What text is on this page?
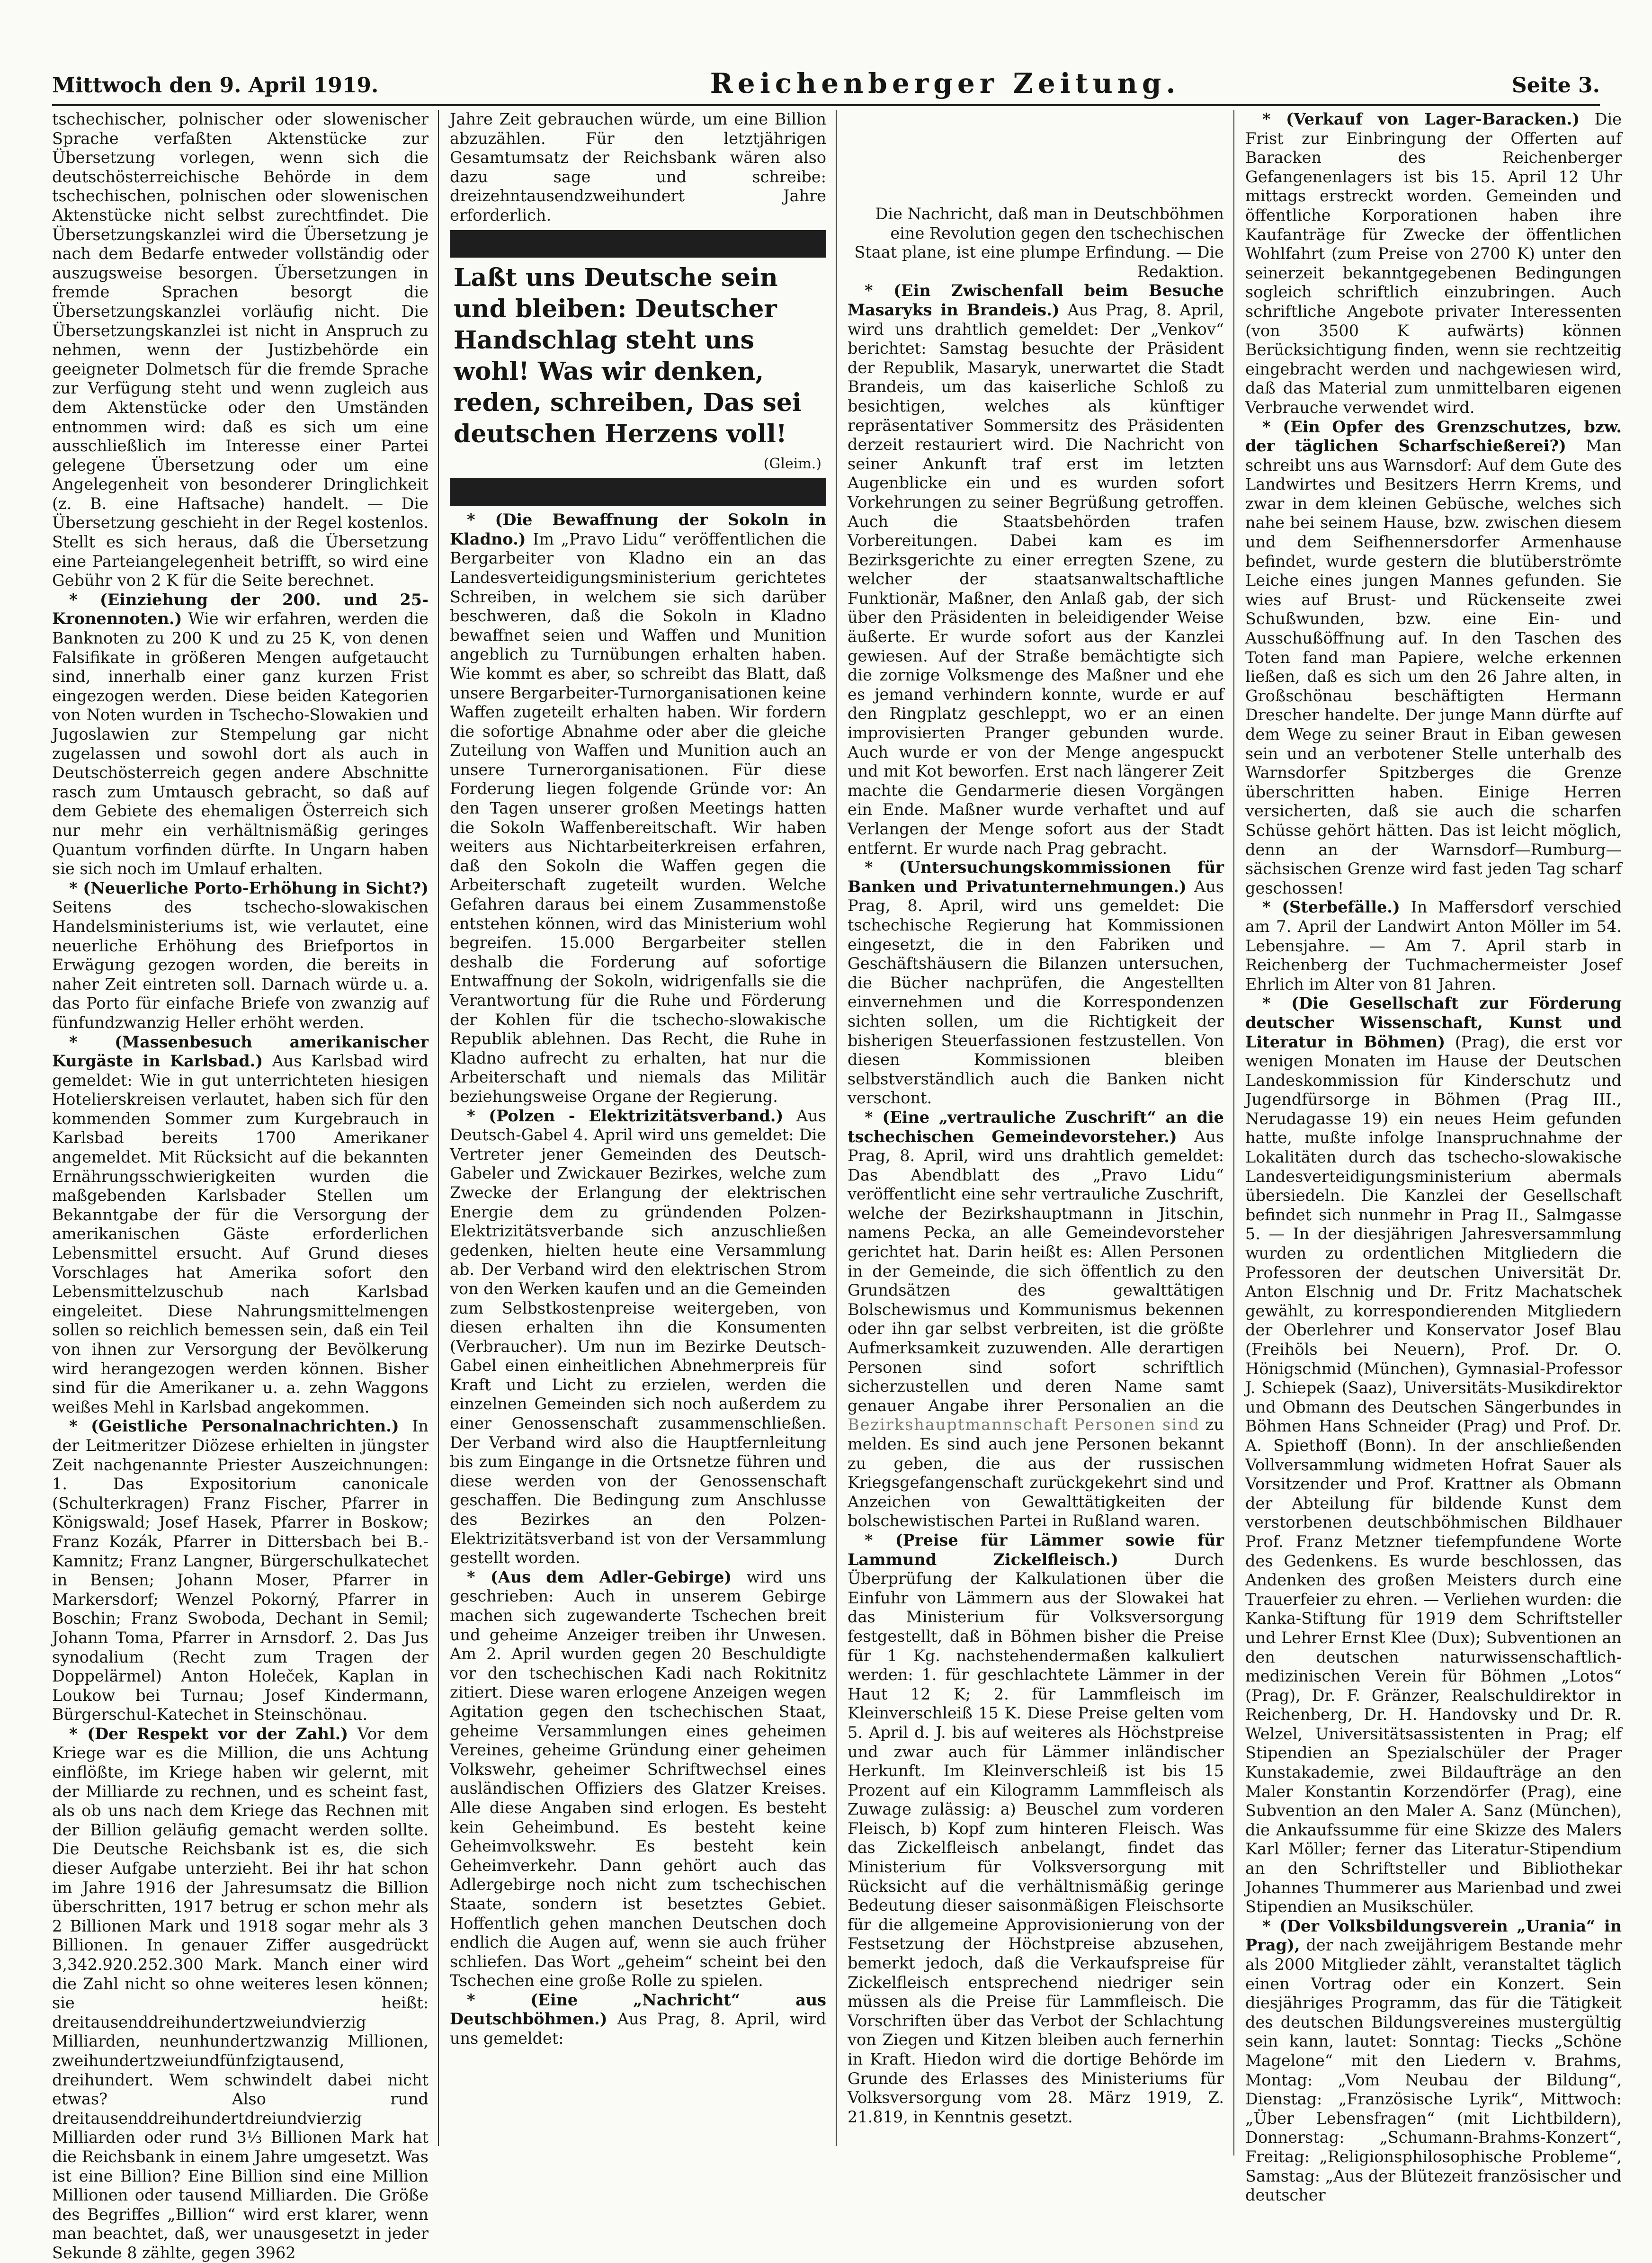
Mittwoch den 9. April 1919.	Reichenberger Zeitung.	Seite 3.

tschechischer, polnischer oder slowenischer Sprache verfaßten Aktenstücke zur Übersetzung vorlegen, wenn sich die deutschösterreichische Behörde in dem tschechischen, polnischen oder slowenischen Aktenstücke nicht selbst zurechtfindet. Die Übersetzungskanzlei wird die Übersetzung je nach dem Bedarfe entweder vollständig oder auszugsweise besorgen. Übersetzungen in fremde Sprachen besorgt die Übersetzungskanzlei vorläufig nicht. Die Übersetzungskanzlei ist nicht in Anspruch zu nehmen, wenn der Justizbehörde ein geeigneter Dolmetsch für die fremde Sprache zur Verfügung steht und wenn zugleich aus dem Aktenstücke oder den Umständen entnommen wird: daß es sich um eine ausschließlich im Interesse einer Partei gelegene Übersetzung oder um eine Angelegenheit von besonderer Dringlichkeit (z. B. eine Haftsache) handelt. — Die Übersetzung geschieht in der Regel kostenlos. Stellt es sich heraus, daß die Übersetzung eine Parteiangelegenheit betrifft, so wird eine Gebühr von 2 K für die Seite berechnet.

* (Einziehung der 200. und 25-Kronennoten.) Wie wir erfahren, werden die Banknoten zu 200 K und zu 25 K, von denen Falsifikate in größeren Mengen aufgetaucht sind, innerhalb einer ganz kurzen Frist eingezogen werden. Diese beiden Kategorien von Noten wurden in Tschecho-Slowakien und Jugoslawien zur Stempelung gar nicht zugelassen und sowohl dort als auch in Deutschösterreich gegen andere Abschnitte rasch zum Umtausch gebracht, so daß auf dem Gebiete des ehemaligen Österreich sich nur mehr ein verhältnismäßig geringes Quantum vorfinden dürfte. In Ungarn haben sie sich noch im Umlauf erhalten.

* (Neuerliche Porto-Erhöhung in Sicht?) Seitens des tschecho-slowakischen Handelsministeriums ist, wie verlautet, eine neuerliche Erhöhung des Briefportos in Erwägung gezogen worden, die bereits in naher Zeit eintreten soll. Darnach würde u. a. das Porto für einfache Briefe von zwanzig auf fünfundzwanzig Heller erhöht werden.

* (Massenbesuch amerikanischer Kurgäste in Karlsbad.) Aus Karlsbad wird gemeldet: Wie in gut unterrichteten hiesigen Hotelierskreisen verlautet, haben sich für den kommenden Sommer zum Kurgebrauch in Karlsbad bereits 1700 Amerikaner angemeldet. Mit Rücksicht auf die bekannten Ernährungsschwierigkeiten wurden die maßgebenden Karlsbader Stellen um Bekanntgabe der für die Versorgung der amerikanischen Gäste erforderlichen Lebensmittel ersucht. Auf Grund dieses Vorschlages hat Amerika sofort den Lebensmittelzuschub nach Karlsbad eingeleitet. Diese Nahrungsmittelmengen sollen so reichlich bemessen sein, daß ein Teil von ihnen zur Versorgung der Bevölkerung wird herangezogen werden können. Bisher sind für die Amerikaner u. a. zehn Waggons weißes Mehl in Karlsbad angekommen.

* (Geistliche Personalnachrichten.) In der Leitmeritzer Diözese erhielten in jüngster Zeit nachgenannte Priester Auszeichnungen: 1. Das Expositorium canonicale (Schulterkragen) Franz Fischer, Pfarrer in Königswald; Josef Hasek, Pfarrer in Boskow; Franz Kozák, Pfarrer in Dittersbach bei B.-Kamnitz; Franz Langner, Bürgerschulkatechet in Bensen; Johann Moser, Pfarrer in Markersdorf; Wenzel Pokorný, Pfarrer in Boschin; Franz Swoboda, Dechant in Semil; Johann Toma, Pfarrer in Arnsdorf. 2. Das Jus synodalium (Recht zum Tragen der Doppelärmel) Anton Holeček, Kaplan in Loukow bei Turnau; Josef Kindermann, Bürgerschul-Katechet in Steinschönau.

* (Der Respekt vor der Zahl.) Vor dem Kriege war es die Million, die uns Achtung einflößte, im Kriege haben wir gelernt, mit der Milliarde zu rechnen, und es scheint fast, als ob uns nach dem Kriege das Rechnen mit der Billion geläufig gemacht werden sollte. Die Deutsche Reichsbank ist es, die sich dieser Aufgabe unterzieht. Bei ihr hat schon im Jahre 1916 der Jahresumsatz die Billion überschritten, 1917 betrug er schon mehr als 2 Billionen Mark und 1918 sogar mehr als 3 Billionen. In genauer Ziffer ausgedrückt 3,342.920.252.300 Mark. Manch einer wird die Zahl nicht so ohne weiteres lesen können; sie heißt: dreitausenddreihundertzweiundvierzig Milliarden, neunhundertzwanzig Millionen, zweihundertzweiundfünfzigtausend, dreihundert. Wem schwindelt dabei nicht etwas? Also rund dreitausenddreihundertdreiundvierzig Milliarden oder rund 3⅓ Billionen Mark hat die Reichsbank in einem Jahre umgesetzt. Was ist eine Billion? Eine Billion sind eine Million Millionen oder tausend Milliarden. Die Größe des Begriffes „Billion“ wird erst klarer, wenn man beachtet, daß, wer unausgesetzt in jeder Sekunde 8 zählte, gegen 3962

Jahre Zeit gebrauchen würde, um eine Billion abzuzählen. Für den letztjährigen Gesamtumsatz der Reichsbank wären also dazu sage und schreibe: dreizehntausendzweihundert Jahre erforderlich.

Laßt uns Deutsche sein und bleiben: Deutscher Handschlag steht uns wohl! Was wir denken, reden, schreiben, Das sei deutschen Herzens voll!
(Gleim.)

* (Die Bewaffnung der Sokoln in Kladno.) Im „Pravo Lidu“ veröffentlichen die Bergarbeiter von Kladno ein an das Landesverteidigungsministerium gerichtetes Schreiben, in welchem sie sich darüber beschweren, daß die Sokoln in Kladno bewaffnet seien und Waffen und Munition angeblich zu Turnübungen erhalten haben. Wie kommt es aber, so schreibt das Blatt, daß unsere Bergarbeiter-Turnorganisationen keine Waffen zugeteilt erhalten haben. Wir fordern die sofortige Abnahme oder aber die gleiche Zuteilung von Waffen und Munition auch an unsere Turnerorganisationen. Für diese Forderung liegen folgende Gründe vor: An den Tagen unserer großen Meetings hatten die Sokoln Waffenbereitschaft. Wir haben weiters aus Nichtarbeiterkreisen erfahren, daß den Sokoln die Waffen gegen die Arbeiterschaft zugeteilt wurden. Welche Gefahren daraus bei einem Zusammenstoße entstehen können, wird das Ministerium wohl begreifen. 15.000 Bergarbeiter stellen deshalb die Forderung auf sofortige Entwaffnung der Sokoln, widrigenfalls sie die Verantwortung für die Ruhe und Förderung der Kohlen für die tschecho-slowakische Republik ablehnen. Das Recht, die Ruhe in Kladno aufrecht zu erhalten, hat nur die Arbeiterschaft und niemals das Militär beziehungsweise Organe der Regierung.

* (Polzen - Elektrizitätsverband.) Aus Deutsch-Gabel 4. April wird uns gemeldet: Die Vertreter jener Gemeinden des Deutsch-Gabeler und Zwickauer Bezirkes, welche zum Zwecke der Erlangung der elektrischen Energie dem zu gründenden Polzen-Elektrizitätsverbande sich anzuschließen gedenken, hielten heute eine Versammlung ab. Der Verband wird den elektrischen Strom von den Werken kaufen und an die Gemeinden zum Selbstkostenpreise weitergeben, von diesen erhalten ihn die Konsumenten (Verbraucher). Um nun im Bezirke Deutsch-Gabel einen einheitlichen Abnehmerpreis für Kraft und Licht zu erzielen, werden die einzelnen Gemeinden sich noch außerdem zu einer Genossenschaft zusammenschließen. Der Verband wird also die Hauptfernleitung bis zum Eingange in die Ortsnetze führen und diese werden von der Genossenschaft geschaffen. Die Bedingung zum Anschlusse des Bezirkes an den Polzen-Elektrizitätsverband ist von der Versammlung gestellt worden.

* (Aus dem Adler-Gebirge) wird uns geschrieben: Auch in unserem Gebirge machen sich zugewanderte Tschechen breit und geheime Anzeiger treiben ihr Unwesen. Am 2. April wurden gegen 20 Beschuldigte vor den tschechischen Kadi nach Rokitnitz zitiert. Diese waren erlogene Anzeigen wegen Agitation gegen den tschechischen Staat, geheime Versammlungen eines geheimen Vereines, geheime Gründung einer geheimen Volkswehr, geheimer Schriftwechsel eines ausländischen Offiziers des Glatzer Kreises. Alle diese Angaben sind erlogen. Es besteht kein Geheimbund. Es besteht keine Geheimvolkswehr. Es besteht kein Geheimverkehr. Dann gehört auch das Adlergebirge noch nicht zum tschechischen Staate, sondern ist besetztes Gebiet. Hoffentlich gehen manchen Deutschen doch endlich die Augen auf, wenn sie auch früher schliefen. Das Wort „geheim“ scheint bei den Tschechen eine große Rolle zu spielen.

* (Eine „Nachricht“ aus Deutschböhmen.) Aus Prag, 8. April, wird uns gemeldet:

Die Nachricht, daß man in Deutschböhmen eine Revolution gegen den tschechischen Staat plane, ist eine plumpe Erfindung. — Die Redaktion.

* (Ein Zwischenfall beim Besuche Masaryks in Brandeis.) Aus Prag, 8. April, wird uns drahtlich gemeldet: Der „Venkov“ berichtet: Samstag besuchte der Präsident der Republik, Masaryk, unerwartet die Stadt Brandeis, um das kaiserliche Schloß zu besichtigen, welches als künftiger repräsentativer Sommersitz des Präsidenten derzeit restauriert wird. Die Nachricht von seiner Ankunft traf erst im letzten Augenblicke ein und es wurden sofort Vorkehrungen zu seiner Begrüßung getroffen. Auch die Staatsbehörden trafen Vorbereitungen. Dabei kam es im Bezirksgerichte zu einer erregten Szene, zu welcher der staatsanwaltschaftliche Funktionär, Maßner, den Anlaß gab, der sich über den Präsidenten in beleidigender Weise äußerte. Er wurde sofort aus der Kanzlei gewiesen. Auf der Straße bemächtigte sich die zornige Volksmenge des Maßner und ehe es jemand verhindern konnte, wurde er auf den Ringplatz geschleppt, wo er an einen improvisierten Pranger gebunden wurde. Auch wurde er von der Menge angespuckt und mit Kot beworfen. Erst nach längerer Zeit machte die Gendarmerie diesen Vorgängen ein Ende. Maßner wurde verhaftet und auf Verlangen der Menge sofort aus der Stadt entfernt. Er wurde nach Prag gebracht.

* (Untersuchungskommissionen für Banken und Privatunternehmungen.) Aus Prag, 8. April, wird uns gemeldet: Die tschechische Regierung hat Kommissionen eingesetzt, die in den Fabriken und Geschäftshäusern die Bilanzen untersuchen, die Bücher nachprüfen, die Angestellten einvernehmen und die Korrespondenzen sichten sollen, um die Richtigkeit der bisherigen Steuerfassionen festzustellen. Von diesen Kommissionen bleiben selbstverständlich auch die Banken nicht verschont.

* (Eine „vertrauliche Zuschrift“ an die tschechischen Gemeindevorsteher.) Aus Prag, 8. April, wird uns drahtlich gemeldet: Das Abendblatt des „Pravo Lidu“ veröffentlicht eine sehr vertrauliche Zuschrift, welche der Bezirkshauptmann in Jitschin, namens Pecka, an alle Gemeindevorsteher gerichtet hat. Darin heißt es: Allen Personen in der Gemeinde, die sich öffentlich zu den Grundsätzen des gewalttätigen Bolschewismus und Kommunismus bekennen oder ihn gar selbst verbreiten, ist die größte Aufmerksamkeit zuzuwenden. Alle derartigen Personen sind sofort schriftlich sicherzustellen und deren Name samt genauer Angabe ihrer Personalien an die Bezirkshauptmannschaft Personen sind zu melden. Es sind auch jene Personen bekannt zu geben, die aus der russischen Kriegsgefangenschaft zurückgekehrt sind und Anzeichen von Gewalttätigkeiten der bolschewistischen Partei in Rußland waren.

* (Preise für Lämmer sowie für Lammund Zickelfleisch.)	Durch Überprüfung der Kalkulationen über die Einfuhr von Lämmern aus der Slowakei hat das Ministerium für Volksversorgung festgestellt, daß in Böhmen bisher die Preise für 1 Kg. nachstehendermaßen kalkuliert werden: 1. für geschlachtete Lämmer in der Haut 12 K; 2. für Lammfleisch im Kleinverschleiß 15 K. Diese Preise gelten vom 5. April d. J. bis auf weiteres als Höchstpreise und zwar auch für Lämmer inländischer Herkunft. Im Kleinverschleiß ist bis 15 Prozent auf ein Kilogramm Lammfleisch als Zuwage zulässig: a) Beuschel zum vorderen Fleisch, b) Kopf zum hinteren Fleisch. Was das Zickelfleisch anbelangt, findet das Ministerium für Volksversorgung mit Rücksicht auf die verhältnismäßig geringe Bedeutung dieser saisonmäßigen Fleischsorte für die allgemeine Approvisionierung von der Festsetzung der Höchstpreise abzusehen, bemerkt jedoch, daß die Verkaufspreise für Zickelfleisch entsprechend niedriger sein müssen als die Preise für Lammfleisch. Die Vorschriften über das Verbot der Schlachtung von Ziegen und Kitzen bleiben auch fernerhin in Kraft. Hiedon wird die dortige Behörde im Grunde des Erlasses des Ministeriums für Volksversorgung vom 28. März 1919, Z. 21.819, in Kenntnis gesetzt.

* (Verkauf von Lager-Baracken.) Die Frist zur Einbringung der Offerten auf Baracken des Reichenberger Gefangenenlagers ist bis 15. April 12 Uhr mittags erstreckt worden. Gemeinden und öffentliche Korporationen haben ihre Kaufanträge für Zwecke der öffentlichen Wohlfahrt (zum Preise von 2700 K) unter den seinerzeit bekanntgegebenen Bedingungen sogleich schriftlich einzubringen. Auch schriftliche Angebote privater Interessenten (von 3500 K aufwärts) können Berücksichtigung finden, wenn sie rechtzeitig eingebracht werden und nachgewiesen wird, daß das Material zum unmittelbaren eigenen Verbrauche verwendet wird.

* (Ein Opfer des Grenzschutzes, bzw. der täglichen Scharfschießerei?) Man schreibt uns aus Warnsdorf: Auf dem Gute des Landwirtes und Besitzers Herrn Krems, und zwar in dem kleinen Gebüsche, welches sich nahe bei seinem Hause, bzw. zwischen diesem und dem Seifhennersdorfer Armenhause befindet, wurde gestern die blutüberströmte Leiche eines jungen Mannes gefunden. Sie wies auf Brust- und Rückenseite zwei Schußwunden, bzw. eine Ein- und Ausschußöffnung auf. In den Taschen des Toten fand man Papiere, welche erkennen ließen, daß es sich um den 26 Jahre alten, in Großschönau beschäftigten Hermann Drescher handelte. Der junge Mann dürfte auf dem Wege zu seiner Braut in Eiban gewesen sein und an verbotener Stelle unterhalb des Warnsdorfer Spitzberges die Grenze überschritten haben. Einige Herren versicherten, daß sie auch die scharfen Schüsse gehört hätten. Das ist leicht möglich, denn an der Warnsdorf—Rumburg—sächsischen Grenze wird fast jeden Tag scharf geschossen!

* (Sterbefälle.) In Maffersdorf verschied am 7. April der Landwirt Anton Möller im 54. Lebensjahre. — Am 7. April starb in Reichenberg der Tuchmachermeister Josef Ehrlich im Alter von 81 Jahren.

* (Die Gesellschaft zur Förderung deutscher Wissenschaft, Kunst und Literatur in Böhmen) (Prag), die erst vor wenigen Monaten im Hause der Deutschen Landeskommission für Kinderschutz und Jugendfürsorge in Böhmen (Prag III., Nerudagasse 19) ein neues Heim gefunden hatte, mußte infolge Inanspruchnahme der Lokalitäten durch das tschecho-slowakische Landesverteidigungsministerium abermals übersiedeln. Die Kanzlei der Gesellschaft befindet sich nunmehr in Prag II., Salmgasse 5. — In der diesjährigen Jahresversammlung wurden zu ordentlichen Mitgliedern die Professoren der deutschen Universität Dr. Anton Elschnig und Dr. Fritz Machatschek gewählt, zu korrespondierenden Mitgliedern der Oberlehrer und Konservator Josef Blau (Freihöls bei Neuern), Prof. Dr. O. Hönigschmid (München), Gymnasial-Professor J. Schiepek (Saaz), Universitäts-Musikdirektor und Obmann des Deutschen Sängerbundes in Böhmen Hans Schneider (Prag) und Prof. Dr. A. Spiethoff (Bonn). In der anschließenden Vollversammlung widmeten Hofrat Sauer als Vorsitzender und Prof. Krattner als Obmann der Abteilung für bildende Kunst dem verstorbenen deutschböhmischen Bildhauer Prof. Franz Metzner tiefempfundene Worte des Gedenkens. Es wurde beschlossen, das Andenken des großen Meisters durch eine Trauerfeier zu ehren. — Verliehen wurden: die Kanka-Stiftung für 1919 dem Schriftsteller und Lehrer Ernst Klee (Dux); Subventionen an den deutschen naturwissenschaftlich-medizinischen Verein für Böhmen „Lotos“ (Prag), Dr. F. Gränzer, Realschuldirektor in Reichenberg, Dr. H. Handovsky und Dr. R. Welzel, Universitätsassistenten in Prag; elf Stipendien an Spezialschüler der Prager Kunstakademie, zwei Bildaufträge an den Maler Konstantin Korzendörfer (Prag), eine Subvention an den Maler A. Sanz (München), die Ankaufssumme für eine Skizze des Malers Karl Möller; ferner das Literatur-Stipendium an den Schriftsteller und Bibliothekar Johannes Thummerer aus Marienbad und zwei Stipendien an Musikschüler.

* (Der Volksbildungsverein „Urania“ in Prag), der nach zweijährigem Bestande mehr als 2000 Mitglieder zählt, veranstaltet täglich einen Vortrag oder ein Konzert. Sein diesjähriges Programm, das für die Tätigkeit des deutschen Bildungsvereines mustergültig sein kann, lautet: Sonntag: Tiecks „Schöne Magelone“ mit den Liedern v. Brahms, Montag: „Vom Neubau der Bildung“, Dienstag: „Französische Lyrik“, Mittwoch: „Über Lebensfragen“ (mit Lichtbildern), Donnerstag: „Schumann-Brahms-Konzert“, Freitag: „Religionsphilosophische Probleme“, Samstag: „Aus der Blütezeit französischer und deutscher
